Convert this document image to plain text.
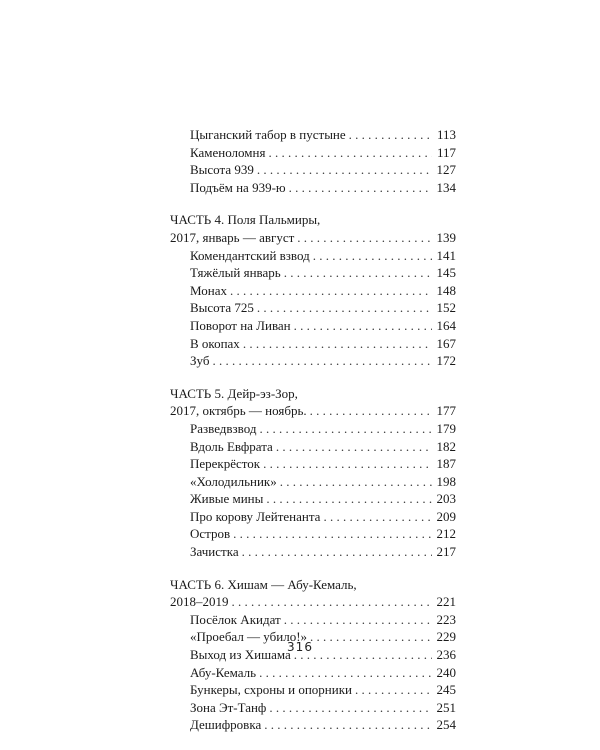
Цыганский табор в пустыне . . .	113
Каменоломня . . .	117
Высота 939 . . .	127
Подъём на 939-ю . . .	134
ЧАСТЬ 4. Поля Пальмиры,
2017, январь — август . . .	139
Комендантский взвод . . .	141
Тяжёлый январь . . .	145
Монах . . .	148
Высота 725 . . .	152
Поворот на Ливан . . .	164
В окопах . . .	167
Зуб . . .	172
ЧАСТЬ 5. Дейр-эз-Зор,
2017, октябрь — ноябрь. . . .	177
Разведвзвод . . .	179
Вдоль Евфрата . . .	182
Перекрёсток . . .	187
«Холодильник» . . .	198
Живые мины . . .	203
Про корову Лейтенанта . . .	209
Остров . . .	212
Зачистка . . .	217
ЧАСТЬ 6. Хишам — Абу-Кемаль,
2018–2019 . . .	221
Посёлок Акидат . . .	223
«Проебал — убило!» . . .	229
Выход из Хишама . . .	236
Абу-Кемаль . . .	240
Бункеры, схроны и опорники . . .	245
Зона Эт-Танф . . .	251
Дешифровка . . .	254
316
